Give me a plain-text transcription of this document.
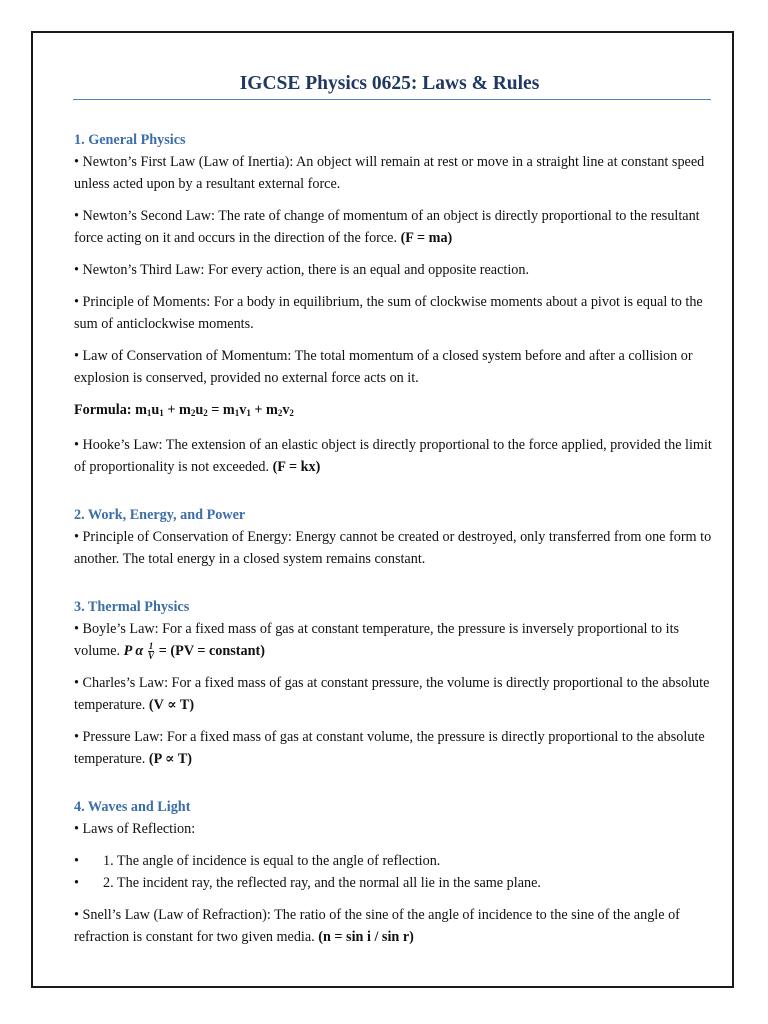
IGCSE Physics 0625: Laws & Rules
1. General Physics

• Newton’s First Law (Law of Inertia): An object will remain at rest or move in a straight line at constant speed unless acted upon by a resultant external force.

• Newton’s Second Law: The rate of change of momentum of an object is directly proportional to the resultant force acting on it and occurs in the direction of the force. (F = ma)

• Newton’s Third Law: For every action, there is an equal and opposite reaction.

• Principle of Moments: For a body in equilibrium, the sum of clockwise moments about a pivot is equal to the sum of anticlockwise moments.

• Law of Conservation of Momentum: The total momentum of a closed system before and after a collision or explosion is conserved, provided no external force acts on it.

Formula: $m_1u_1 + m_2u_2 = m_1v_1 + m_2v_2$

• Hooke’s Law: The extension of an elastic object is directly proportional to the force applied, provided the limit of proportionality is not exceeded. (F = kx)

2. Work, Energy, and Power

• Principle of Conservation of Energy: Energy cannot be created or destroyed, only transferred from one form to another. The total energy in a closed system remains constant.

3. Thermal Physics

• Boyle’s Law: For a fixed mass of gas at constant temperature, the pressure is inversely proportional to its volume. P α $\frac{1}{V} = (PV$ = constant)

• Charles’s Law: For a fixed mass of gas at constant pressure, the volume is directly proportional to the absolute temperature. (V ∝ T)

• Pressure Law: For a fixed mass of gas at constant volume, the pressure is directly proportional to the absolute temperature. (P ∝ T)

4. Waves and Light

• Laws of Reflection:

•	1. The angle of incidence is equal to the angle of reflection.

•	2. The incident ray, the reflected ray, and the normal all lie in the same plane.

• Snell’s Law (Law of Refraction): The ratio of the sine of the angle of incidence to the sine of the angle of refraction is constant for two given media. (n = sin i / sin r)
